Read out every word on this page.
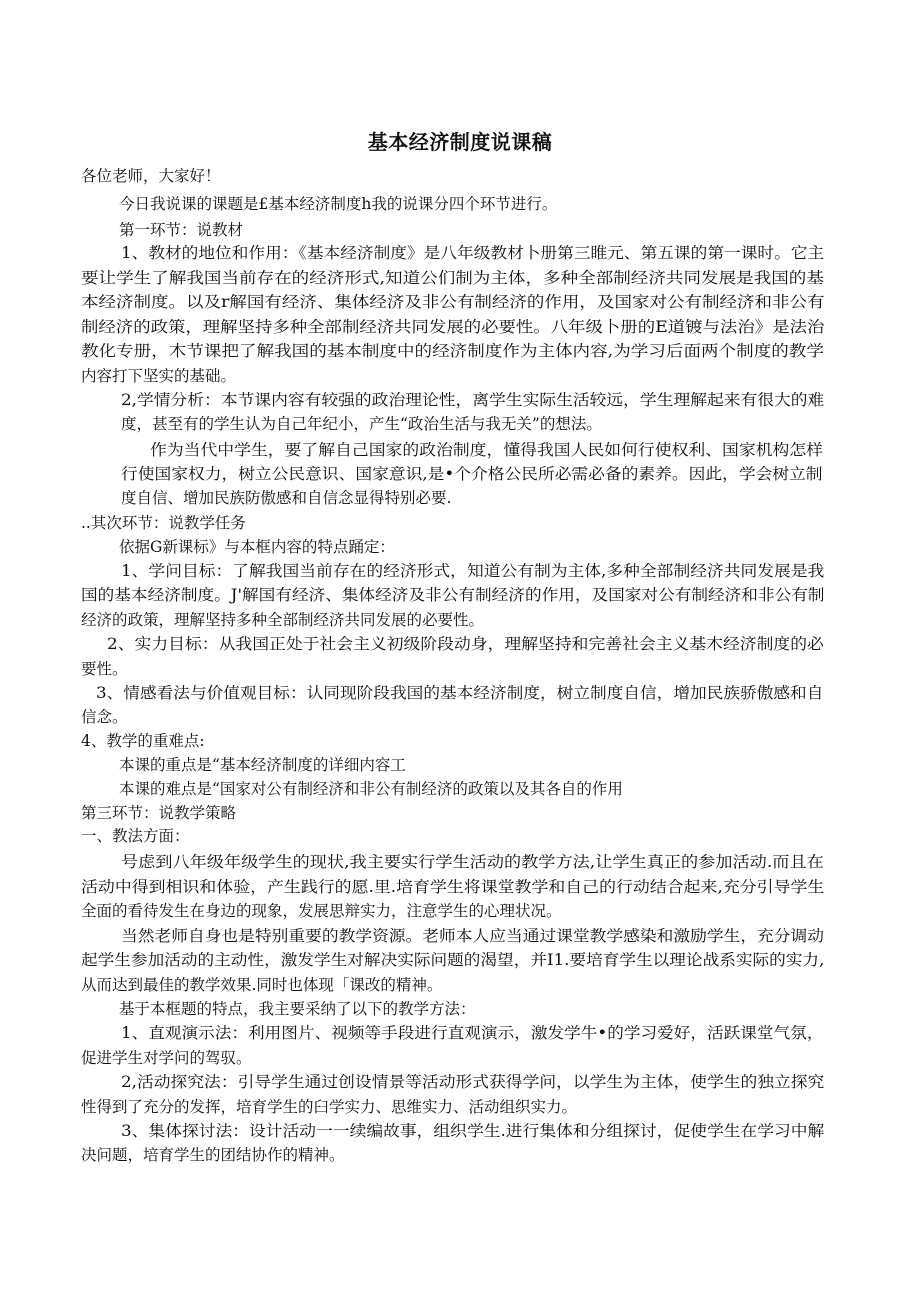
基本经济制度说课稿
各位老师，大家好！
今日我说课的课题是£基本经济制度h我的说课分四个环节进行。
第一环节：说教材
1、教材的地位和作用：《基本经济制度》是八年级教材卜册第三睢元、第五课的第一课时。它主
要让学生了解我国当前存在的经济形式,知道公们制为主体，多种全部制经济共同发展是我国的基
本经济制度。以及r解国有经济、集体经济及非公有制经济的作用，及国家对公有制经济和非公有
制经济的政策，理解坚持多种全部制经济共同发展的必要性。八年级卜册的E道镀与法治》是法治
教化专册，木节课把了解我国的基本制度中的经济制度作为主体内容,为学习后面两个制度的教学
内容打下坚实的基础。
2,学情分析：本节课内容有较强的政治理论性，离学生实际生活较远，学生理解起来有很大的难
度，甚至有的学生认为自己年纪小，产生“政治生活与我无关”的想法。
作为当代中学生，要了解自己国家的政治制度，懂得我国人民如何行使权利、国家机构怎样
行使国家权力，树立公民意识、国家意识,是•个介格公民所必需必备的素养。因此，学会树立制
度自信、增加民族防傲感和自信念显得特别必要.
..其次环节：说教学任务
依据G新课标》与本框内容的特点踊定：
1、学问目标：了解我国当前存在的经济形式，知道公有制为主体,多种全部制经济共同发展是我
国的基本经济制度。J'解国有经济、集体经济及非公有制经济的作用，及国家对公有制经济和非公有制
经济的政策，理解坚持多种全部制经济共同发展的必要性。
2、实力目标：从我国正处于社会主义初级阶段动身，理解坚持和完善社会主义基木经济制度的必
要性。
3、情感看法与价值观目标：认同现阶段我国的基本经济制度，树立制度自信，增加民族骄傲感和自
信念。
4、教学的重难点:
本课的重点是“基本经济制度的详细内容工
本课的难点是“国家对公有制经济和非公有制经济的政策以及其各自的作用
第三环节：说教学策略
一、教法方面：
号虑到八年级年级学生的现状,我主要实行学生活动的教学方法,让学生真正的参加活动.而且在
活动中得到相识和体验，产生践行的愿.里.培育学生将课堂教学和自己的行动结合起来,充分引导学生
全面的看待发生在身边的现象，发展思辩实力，注意学生的心理状况。
当然老师自身也是特别重要的教学资源。老师本人应当通过课堂教学感染和激励学生，充分调动
起学生参加活动的主动性，激发学生对解决实际问题的渴望，并I1.要培育学生以理论战系实际的实力,
从而达到最佳的教学效果.同时也体现「课改的精神。
基于本框题的特点，我主要采纳了以下的教学方法：
1、直观演示法：利用图片、视频等手段进行直观演示，激发学牛•的学习爱好，活跃课堂气氛，
促进学生对学问的驾驭。
2,活动探究法：引导学生通过创设情景等活动形式获得学问，以学生为主体，使学生的独立探究
性得到了充分的发挥，培育学生的臼学实力、思维实力、活动组织实力。
3、集体探讨法：设计活动一一续编故事，组织学生.进行集体和分组探讨，促使学生在学习中解
决问题，培育学生的团结协作的精神。
